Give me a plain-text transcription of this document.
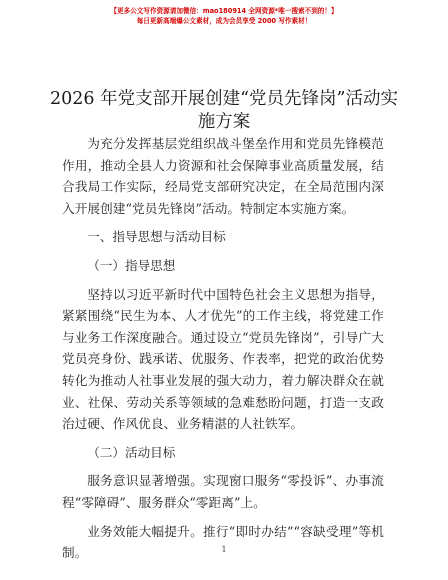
【更多公文写作资源请加微信：mao180914 全网资源*唯一搜索不到的！】
每日更新高端爆公文素材，成为会员享受 2000 写作素材！
2026 年党支部开展创建“党员先锋岗”活动实
施方案

为充分发挥基层党组织战斗堡垒作用和党员先锋模范作用，推动全县人力资源和社会保障事业高质量发展，结合我局工作实际，经局党支部研究决定，在全局范围内深入开展创建“党员先锋岗”活动。特制定本实施方案。

一、指导思想与活动目标

（一）指导思想

坚持以习近平新时代中国特色社会主义思想为指导，紧紧围绕“民生为本、人才优先”的工作主线，将党建工作与业务工作深度融合。通过设立“党员先锋岗”，引导广大党员亮身份、践承诺、优服务、作表率，把党的政治优势转化为推动人社事业发展的强大动力，着力解决群众在就业、社保、劳动关系等领域的急难愁盼问题，打造一支政治过硬、作风优良、业务精湛的人社铁军。

（二）活动目标

服务意识显著增强。实现窗口服务“零投诉”、办事流程“零障碍”、服务群众“零距离”上。

业务效能大幅提升。推行“即时办结”“容缺受理”等机制。	1
